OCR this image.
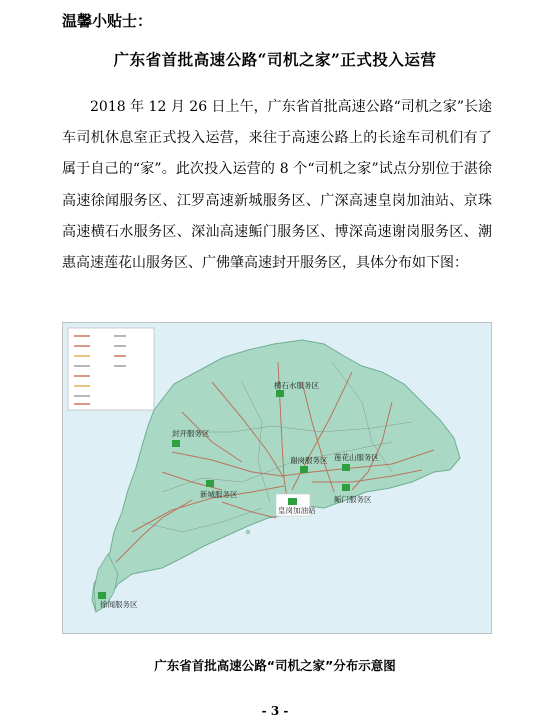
温馨小贴士：
广东省首批高速公路“司机之家”正式投入运营
2018 年 12 月 26 日上午，广东省首批高速公路“司机之家”长途车司机休息室正式投入运营，来往于高速公路上的长途车司机们有了属于自己的“家”。此次投入运营的 8 个“司机之家”试点分别位于湛徐高速徐闻服务区、江罗高速新城服务区、广深高速皇岗加油站、京珠高速横石水服务区、深汕高速鲘门服务区、博深高速谢岗服务区、潮惠高速莲花山服务区、广佛肇高速封开服务区，具体分布如下图：
横石水服务区
封开服务区
谢岗服务区 莲花山服务区
新城服务区
鲘门服务区
皇岗加油站
徐闻服务区
广东省首批高速公路“司机之家”分布示意图
- 3 -
